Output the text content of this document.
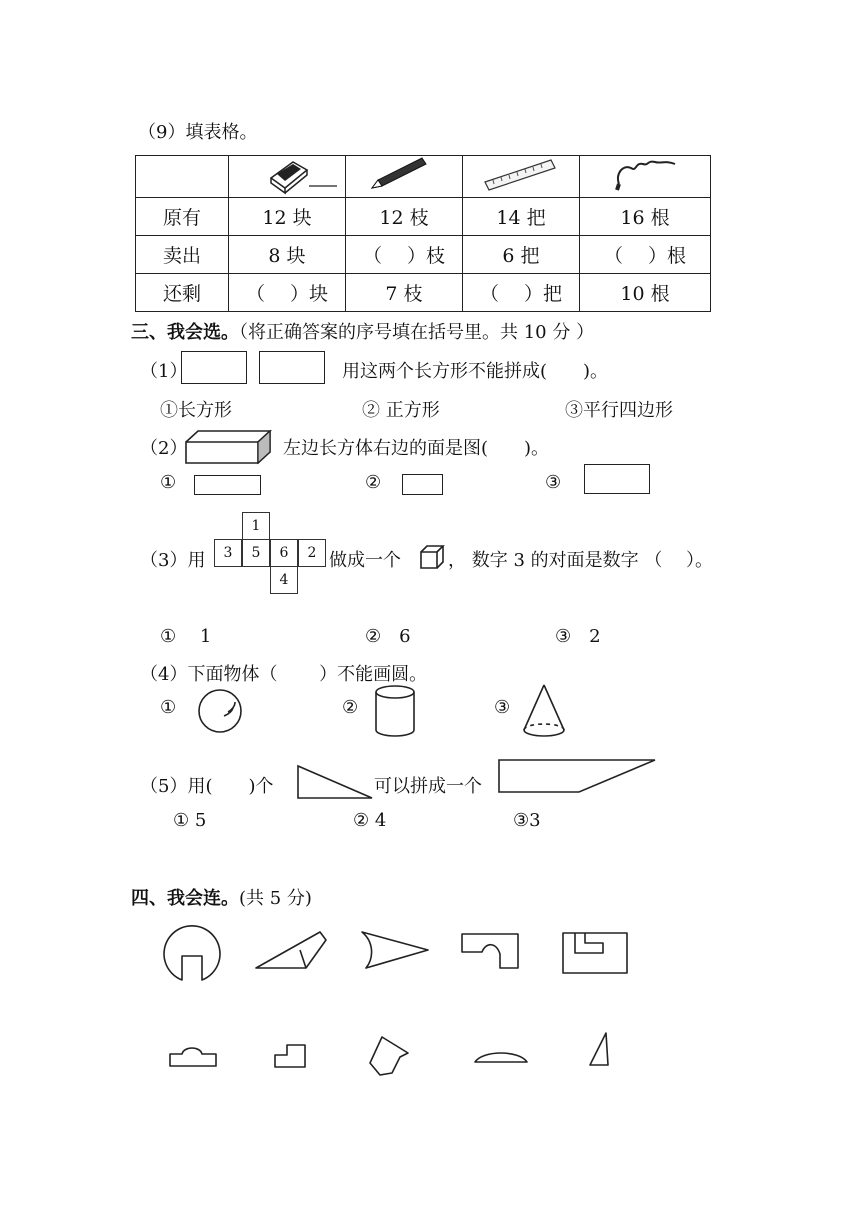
（9）填表格。

原有	12 块	12 枝	14 把	16 根
卖出	8 块	（　 ）枝	6 把	（　 ）根
还剩	（　 ）块	7 枝	（　 ）把	10 根
三、我会选。（将正确答案的序号填在括号里。共 10 分 ）
（1）	用这两个长方形不能拼成(　　)。
①长方形	② 正方形	③平行四边形
（2）	左边长方体右边的面是图(　　)。
①	②	③
（3）用
1
3	5	6	2
4
做成一个	， 数字 3 的对面是数字 （　 ）。
①　 1	②　6	③　2
（4）下面物体（　　 ）不能画圆。
①	②	③
（5）用(　　)个	可以拼成一个
① 5	② 4	③3
四、我会连。(共 5 分)
